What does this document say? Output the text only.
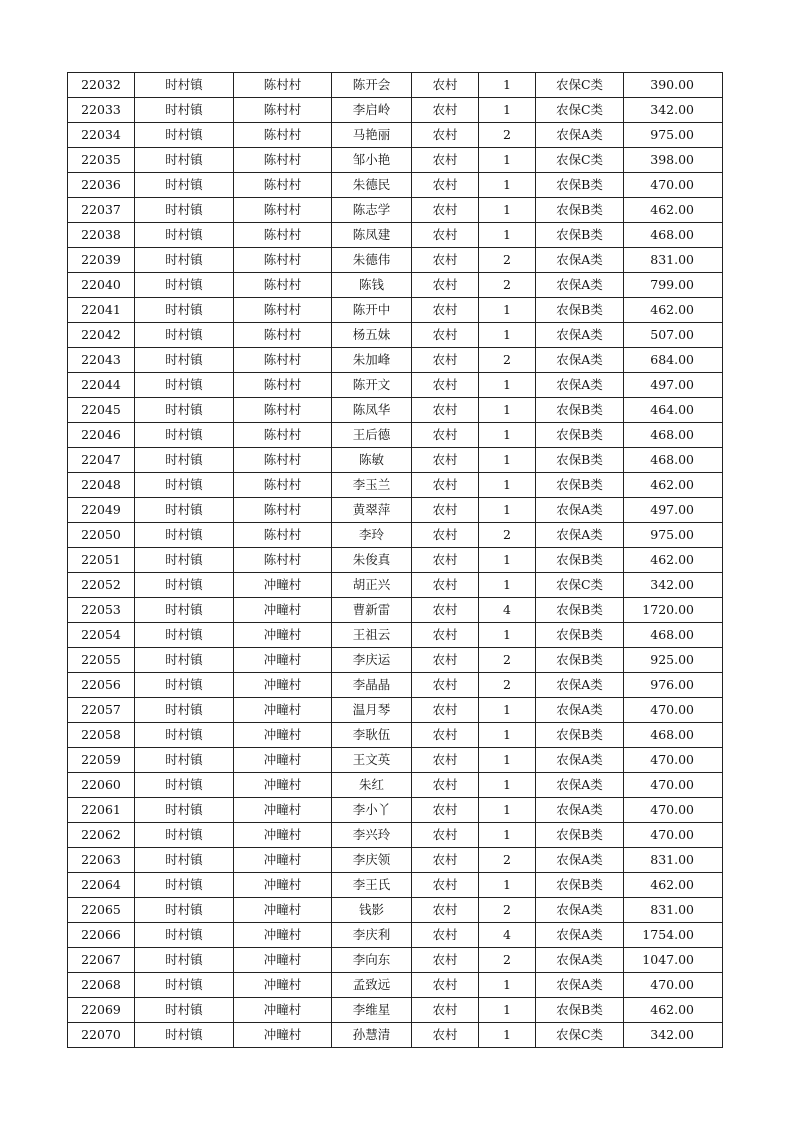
22032	时村镇	陈村村	陈开会	农村	1	农保C类	390.00
22033	时村镇	陈村村	李启岭	农村	1	农保C类	342.00
22034	时村镇	陈村村	马艳丽	农村	2	农保A类	975.00
22035	时村镇	陈村村	邹小艳	农村	1	农保C类	398.00
22036	时村镇	陈村村	朱德民	农村	1	农保B类	470.00
22037	时村镇	陈村村	陈志学	农村	1	农保B类	462.00
22038	时村镇	陈村村	陈凤建	农村	1	农保B类	468.00
22039	时村镇	陈村村	朱德伟	农村	2	农保A类	831.00
22040	时村镇	陈村村	陈钱	农村	2	农保A类	799.00
22041	时村镇	陈村村	陈开中	农村	1	农保B类	462.00
22042	时村镇	陈村村	杨五妹	农村	1	农保A类	507.00
22043	时村镇	陈村村	朱加峰	农村	2	农保A类	684.00
22044	时村镇	陈村村	陈开文	农村	1	农保A类	497.00
22045	时村镇	陈村村	陈凤华	农村	1	农保B类	464.00
22046	时村镇	陈村村	王后德	农村	1	农保B类	468.00
22047	时村镇	陈村村	陈敏	农村	1	农保B类	468.00
22048	时村镇	陈村村	李玉兰	农村	1	农保B类	462.00
22049	时村镇	陈村村	黄翠萍	农村	1	农保A类	497.00
22050	时村镇	陈村村	李玲	农村	2	农保A类	975.00
22051	时村镇	陈村村	朱俊真	农村	1	农保B类	462.00
22052	时村镇	冲疃村	胡正兴	农村	1	农保C类	342.00
22053	时村镇	冲疃村	曹新雷	农村	4	农保B类	1720.00
22054	时村镇	冲疃村	王祖云	农村	1	农保B类	468.00
22055	时村镇	冲疃村	李庆运	农村	2	农保B类	925.00
22056	时村镇	冲疃村	李晶晶	农村	2	农保A类	976.00
22057	时村镇	冲疃村	温月琴	农村	1	农保A类	470.00
22058	时村镇	冲疃村	李耿伍	农村	1	农保B类	468.00
22059	时村镇	冲疃村	王文英	农村	1	农保A类	470.00
22060	时村镇	冲疃村	朱红	农村	1	农保A类	470.00
22061	时村镇	冲疃村	李小丫	农村	1	农保A类	470.00
22062	时村镇	冲疃村	李兴玲	农村	1	农保B类	470.00
22063	时村镇	冲疃村	李庆领	农村	2	农保A类	831.00
22064	时村镇	冲疃村	李王氏	农村	1	农保B类	462.00
22065	时村镇	冲疃村	钱影	农村	2	农保A类	831.00
22066	时村镇	冲疃村	李庆利	农村	4	农保A类	1754.00
22067	时村镇	冲疃村	李向东	农村	2	农保A类	1047.00
22068	时村镇	冲疃村	孟致远	农村	1	农保A类	470.00
22069	时村镇	冲疃村	李维星	农村	1	农保B类	462.00
22070	时村镇	冲疃村	孙慧清	农村	1	农保C类	342.00
